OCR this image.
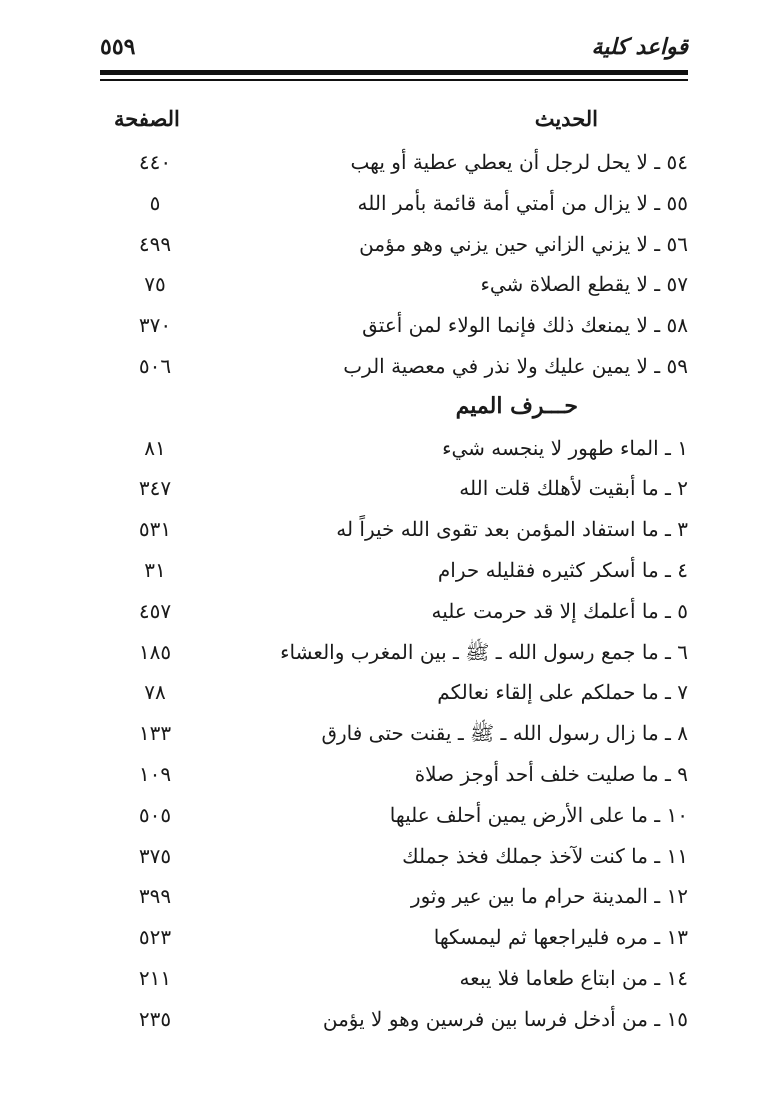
قواعد كلية
٥٥٩
الحديث
الصفحة
٥٤ ـ لا يحل لرجل أن يعطي عطية أو يهب
٤٤٠
٥٥ ـ لا يزال من أمتي أمة قائمة بأمر الله
٥
٥٦ ـ لا يزني الزاني حين يزني وهو مؤمن
٤٩٩
٥٧ ـ لا يقطع الصلاة شيء
٧٥
٥٨ ـ لا يمنعك ذلك فإنما الولاء لمن أعتق
٣٧٠
٥٩ ـ لا يمين عليك ولا نذر في معصية الرب
٥٠٦
حـــرف الميم
١ ـ الماء طهور لا ينجسه شيء
٨١
٢ ـ ما أبقيت لأهلك قلت الله
٣٤٧
٣ ـ ما استفاد المؤمن بعد تقوى الله خيراً له
٥٣١
٤ ـ ما أسكر كثيره فقليله حرام
٣١
٥ ـ ما أعلمك إلا قد حرمت عليه
٤٥٧
٦ ـ ما جمع رسول الله ـ ﷺ ـ بين المغرب والعشاء
١٨٥
٧ ـ ما حملكم على إلقاء نعالكم
٧٨
٨ ـ ما زال رسول الله ـ ﷺ ـ يقنت حتى فارق
١٣٣
٩ ـ ما صليت خلف أحد أوجز صلاة
١٠٩
١٠ ـ ما على الأرض يمين أحلف عليها
٥٠٥
١١ ـ ما كنت لآخذ جملك فخذ جملك
٣٧٥
١٢ ـ المدينة حرام ما بين عير وثور
٣٩٩
١٣ ـ مره فليراجعها ثم ليمسكها
٥٢٣
١٤ ـ من ابتاع طعاما فلا يبعه
٢١١
١٥ ـ من أدخل فرسا بين فرسين وهو لا يؤمن
٢٣٥
